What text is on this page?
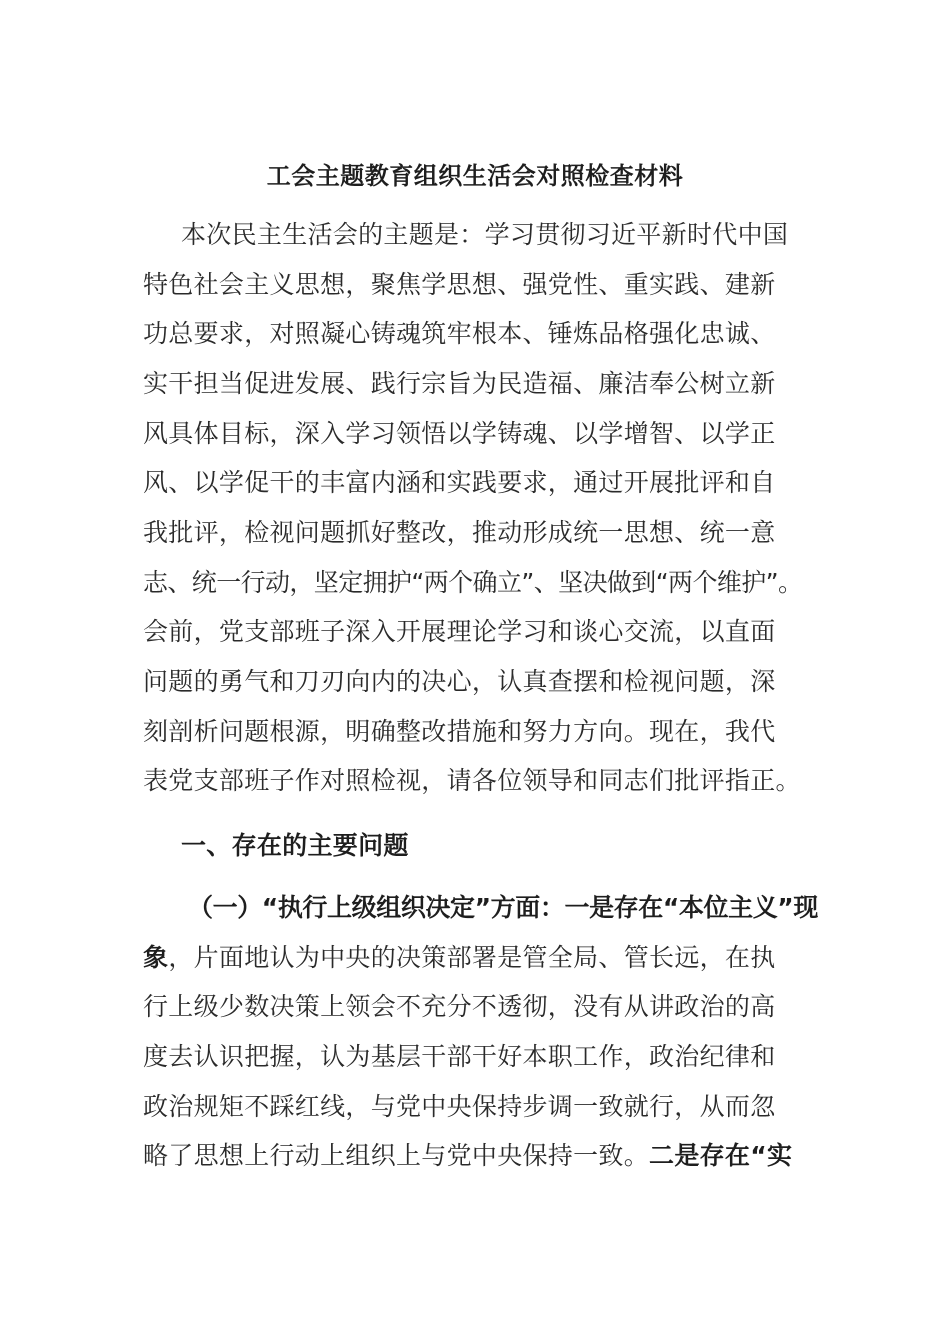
工会主题教育组织生活会对照检查材料
本次民主生活会的主题是：学习贯彻习近平新时代中国
特色社会主义思想，聚焦学思想、强党性、重实践、建新
功总要求，对照凝心铸魂筑牢根本、锤炼品格强化忠诚、
实干担当促进发展、践行宗旨为民造福、廉洁奉公树立新
风具体目标，深入学习领悟以学铸魂、以学增智、以学正
风、以学促干的丰富内涵和实践要求，通过开展批评和自
我批评，检视问题抓好整改，推动形成统一思想、统一意
志、统一行动，坚定拥护“两个确立”、坚决做到“两个维护”。
会前，党支部班子深入开展理论学习和谈心交流，以直面
问题的勇气和刀刃向内的决心，认真查摆和检视问题，深
刻剖析问题根源，明确整改措施和努力方向。现在，我代
表党支部班子作对照检视，请各位领导和同志们批评指正。
一、存在的主要问题
（一）“执行上级组织决定”方面：一是存在“本位主义”现
象，片面地认为中央的决策部署是管全局、管长远，在执
行上级少数决策上领会不充分不透彻，没有从讲政治的高
度去认识把握，认为基层干部干好本职工作，政治纪律和
政治规矩不踩红线，与党中央保持步调一致就行，从而忽
略了思想上行动上组织上与党中央保持一致。二是存在“实
